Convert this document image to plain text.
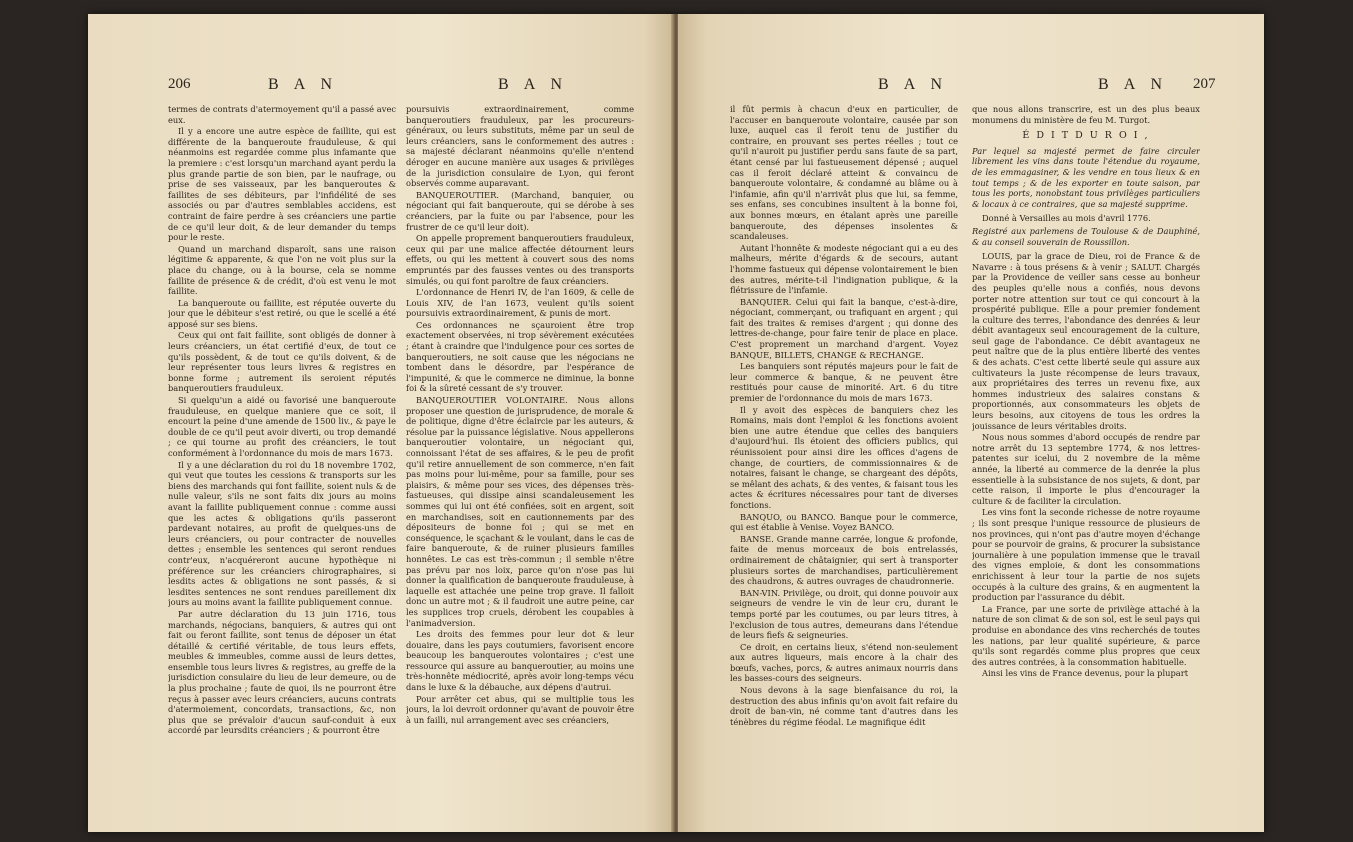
206	B A N	B A N

termes de contrats d'atermoyement qu'il a passé avec eux.

Il y a encore une autre espèce de faillite, qui est différente de la banqueroute frauduleuse, & qui néanmoins est regardée comme plus infamante que la premiere : c'est lorsqu'un marchand ayant perdu la plus grande partie de son bien, par le naufrage, ou prise de ses vaisseaux, par les banqueroutes & faillites de ses débiteurs, par l'infidélité de ses associés ou par d'autres semblables accidens, est contraint de faire perdre à ses créanciers une partie de ce qu'il leur doit, & de leur demander du temps pour le reste.

Quand un marchand disparoît, sans une raison légitime & apparente, & que l'on ne voit plus sur la place du change, ou à la bourse, cela se nomme faillite de présence & de crédit, d'où est venu le mot faillite.

La banqueroute ou faillite, est réputée ouverte du jour que le débiteur s'est retiré, ou que le scellé a été apposé sur ses biens.

Ceux qui ont fait faillite, sont obligés de donner à leurs créanciers, un état certifié d'eux, de tout ce qu'ils possèdent, & de tout ce qu'ils doivent, & de leur représenter tous leurs livres & registres en bonne forme ; autrement ils seroient réputés banqueroutiers frauduleux.

Si quelqu'un a aidé ou favorisé une banqueroute frauduleuse, en quelque maniere que ce soit, il encourt la peine d'une amende de 1500 liv., & paye le double de ce qu'il peut avoir diverti, ou trop demandé ; ce qui tourne au profit des créanciers, le tout conformément à l'ordonnance du mois de mars 1673.

Il y a une déclaration du roi du 18 novembre 1702, qui veut que toutes les cessions & transports sur les biens des marchands qui font faillite, soient nuls & de nulle valeur, s'ils ne sont faits dix jours au moins avant la faillite publiquement connue : comme aussi que les actes & obligations qu'ils passeront pardevant notaires, au profit de quelques-uns de leurs créanciers, ou pour contracter de nouvelles dettes ; ensemble les sentences qui seront rendues contr'eux, n'acquéreront aucune hypothèque ni préférence sur les créanciers chirographaires, si lesdits actes & obligations ne sont passés, & si lesdites sentences ne sont rendues pareillement dix jours au moins avant la faillite publiquement connue.

Par autre déclaration du 13 juin 1716, tous marchands, négocians, banquiers, & autres qui ont fait ou feront faillite, sont tenus de déposer un état détaillé & certifié véritable, de tous leurs effets, meubles & immeubles, comme aussi de leurs dettes, ensemble tous leurs livres & registres, au greffe de la jurisdiction consulaire du lieu de leur demeure, ou de la plus prochaine ; faute de quoi, ils ne pourront être reçus à passer avec leurs créanciers, aucuns contrats d'atermoiement, concordats, transactions, &c, non plus que se prévaloir d'aucun sauf-conduit à eux accordé par leursdits créanciers ; & pourront être

poursuivis extraordinairement, comme banqueroutiers frauduleux, par les procureurs-généraux, ou leurs substituts, même par un seul de leurs créanciers, sans le conformement des autres : sa majesté déclarant néanmoins qu'elle n'entend déroger en aucune manière aux usages & privilèges de la jurisdiction consulaire de Lyon, qui feront observés comme auparavant.

BANQUEROUTIER. (Marchand, banquier, ou négociant qui fait banqueroute, qui se dérobe à ses créanciers, par la fuite ou par l'absence, pour les frustrer de ce qu'il leur doit).

On appelle proprement banqueroutiers frauduleux, ceux qui par une malice affectée détournent leurs effets, ou qui les mettent à couvert sous des noms empruntés par des fausses ventes ou des transports simulés, ou qui font paroître de faux créanciers.

L'ordonnance de Henri IV, de l'an 1609, & celle de Louis XIV, de l'an 1673, veulent qu'ils soient poursuivis extraordinairement, & punis de mort.

Ces ordonnances ne sçauroient être trop exactement observées, ni trop sévèrement exécutées ; étant à craindre que l'indulgence pour ces sortes de banqueroutiers, ne soit cause que les négocians ne tombent dans le désordre, par l'espérance de l'impunité, & que le commerce ne diminue, la bonne foi & la sûreté cessant de s'y trouver.

BANQUEROUTIER VOLONTAIRE. Nous allons proposer une question de jurisprudence, de morale & de politique, digne d'être éclaircie par les auteurs, & résolue par la puissance législative. Nous appellerons banqueroutier volontaire, un négociant qui, connoissant l'état de ses affaires, & le peu de profit qu'il retire annuellement de son commerce, n'en fait pas moins pour lui-même, pour sa famille, pour ses plaisirs, & même pour ses vices, des dépenses très-fastueuses, qui dissipe ainsi scandaleusement les sommes qui lui ont été confiées, soit en argent, soit en marchandises, soit en cautionnements par des dépositeurs de bonne foi ; qui se met en conséquence, le sçachant & le voulant, dans le cas de faire banqueroute, & de ruiner plusieurs familles honnêtes. Le cas est très-commun ; il semble n'être pas prévu par nos loix, parce qu'on n'ose pas lui donner la qualification de banqueroute frauduleuse, à laquelle est attachée une peine trop grave. Il falloit donc un autre mot ; & il faudroit une autre peine, car les supplices trop cruels, dérobent les coupables à l'animadversion.

Les droits des femmes pour leur dot & leur douaire, dans les pays coutumiers, favorisent encore beaucoup les banqueroutes volontaires ; c'est une ressource qui assure au banqueroutier, au moins une très-honnête médiocrité, après avoir long-temps vécu dans le luxe & la débauche, aux dépens d'autrui.

Pour arrêter cet abus, qui se multiplie tous les jours, la loi devroit ordonner qu'avant de pouvoir être à un failli, nul arrangement avec ses créanciers,

B A N	B A N 207

il fût permis à chacun d'eux en particulier, de l'accuser en banqueroute volontaire, causée par son luxe, auquel cas il feroit tenu de justifier du contraire, en prouvant ses pertes réelles ; tout ce qu'il n'auroit pu justifier perdu sans faute de sa part, étant censé par lui fastueusement dépensé ; auquel cas il feroit déclaré atteint & convaincu de banqueroute volontaire, & condamné au blâme ou à l'infamie, afin qu'il n'arrivât plus que lui, sa femme, ses enfans, ses concubines insultent à la bonne foi, aux bonnes mœurs, en étalant après une pareille banqueroute, des dépenses insolentes & scandaleuses.

Autant l'honnête & modeste négociant qui a eu des malheurs, mérite d'égards & de secours, autant l'homme fastueux qui dépense volontairement le bien des autres, mérite-t-il l'indignation publique, & la flétrissure de l'infamie.

BANQUIER. Celui qui fait la banque, c'est-à-dire, négociant, commerçant, ou trafiquant en argent ; qui fait des traites & remises d'argent ; qui donne des lettres-de-change, pour faire tenir de place en place. C'est proprement un marchand d'argent. Voyez BANQUE, BILLETS, CHANGE & RECHANGE.

Les banquiers sont réputés majeurs pour le fait de leur commerce & banque, & ne peuvent être restitués pour cause de minorité. Art. 6 du titre premier de l'ordonnance du mois de mars 1673.

Il y avoit des espèces de banquiers chez les Romains, mais dont l'emploi & les fonctions avoient bien une autre étendue que celles des banquiers d'aujourd'hui. Ils étoient des officiers publics, qui réunissoient pour ainsi dire les offices d'agens de change, de courtiers, de commissionnaires & de notaires, faisant le change, se chargeant des dépôts, se mêlant des achats, & des ventes, & faisant tous les actes & écritures nécessaires pour tant de diverses fonctions.

BANQUO, ou BANCO. Banque pour le commerce, qui est établie à Venise. Voyez BANCO.

BANSE. Grande manne carrée, longue & profonde, faite de menus morceaux de bois entrelassés, ordinairement de châtaignier, qui sert à transporter plusieurs sortes de marchandises, particulièrement des chaudrons, & autres ouvrages de chaudronnerie.

BAN-VIN. Privilège, ou droit, qui donne pouvoir aux seigneurs de vendre le vin de leur cru, durant le temps porté par les coutumes, ou par leurs titres, à l'exclusion de tous autres, demeurans dans l'étendue de leurs fiefs & seigneuries.

Ce droit, en certains lieux, s'étend non-seulement aux autres liqueurs, mais encore à la chair des bœufs, vaches, porcs, & autres animaux nourris dans les basses-cours des seigneurs.

Nous devons à la sage bienfaisance du roi, la destruction des abus infinis qu'on avoit fait refaire du droit de ban-vin, né comme tant d'autres dans les ténèbres du régime féodal. Le magnifique édit

que nous allons transcrire, est un des plus beaux monumens du ministère de feu M. Turgot.

É D I T D U R O I ,

Par lequel sa majesté permet de faire circuler librement les vins dans toute l'étendue du royaume, de les emmagasiner, & les vendre en tous lieux & en tout temps ; & de les exporter en toute saison, par tous les ports, nonobstant tous privilèges particuliers & locaux à ce contraires, que sa majesté supprime.

Donné à Versailles au mois d'avril 1776.

Registré aux parlemens de Toulouse & de Dauphiné, & au conseil souverain de Roussillon.

LOUIS, par la grace de Dieu, roi de France & de Navarre : à tous présens & à venir ; SALUT. Chargés par la Providence de veiller sans cesse au bonheur des peuples qu'elle nous a confiés, nous devons porter notre attention sur tout ce qui concourt à la prospérité publique. Elle a pour premier fondement la culture des terres, l'abondance des denrées & leur débit avantageux seul encouragement de la culture, seul gage de l'abondance. Ce débit avantageux ne peut naître que de la plus entière liberté des ventes & des achats. C'est cette liberté seule qui assure aux cultivateurs la juste récompense de leurs travaux, aux propriétaires des terres un revenu fixe, aux hommes industrieux des salaires constans & proportionnés, aux consommateurs les objets de leurs besoins, aux citoyens de tous les ordres la jouissance de leurs véritables droits.

Nous nous sommes d'abord occupés de rendre par notre arrêt du 13 septembre 1774, & nos lettres-patentes sur icelui, du 2 novembre de la même année, la liberté au commerce de la denrée la plus essentielle à la subsistance de nos sujets, & dont, par cette raison, il importe le plus d'encourager la culture & de faciliter la circulation.

Les vins font la seconde richesse de notre royaume ; ils sont presque l'unique ressource de plusieurs de nos provinces, qui n'ont pas d'autre moyen d'échange pour se pourvoir de grains, & procurer la subsistance journalière à une population immense que le travail des vignes emploie, & dont les consommations enrichissent à leur tour la partie de nos sujets occupés à la culture des grains, & en augmentent la production par l'assurance du débit.

La France, par une sorte de privilège attaché à la nature de son climat & de son sol, est le seul pays qui produise en abondance des vins recherchés de toutes les nations, par leur qualité supérieure, & parce qu'ils sont regardés comme plus propres que ceux des autres contrées, à la consommation habituelle.

Ainsi les vins de France devenus, pour la plupart
